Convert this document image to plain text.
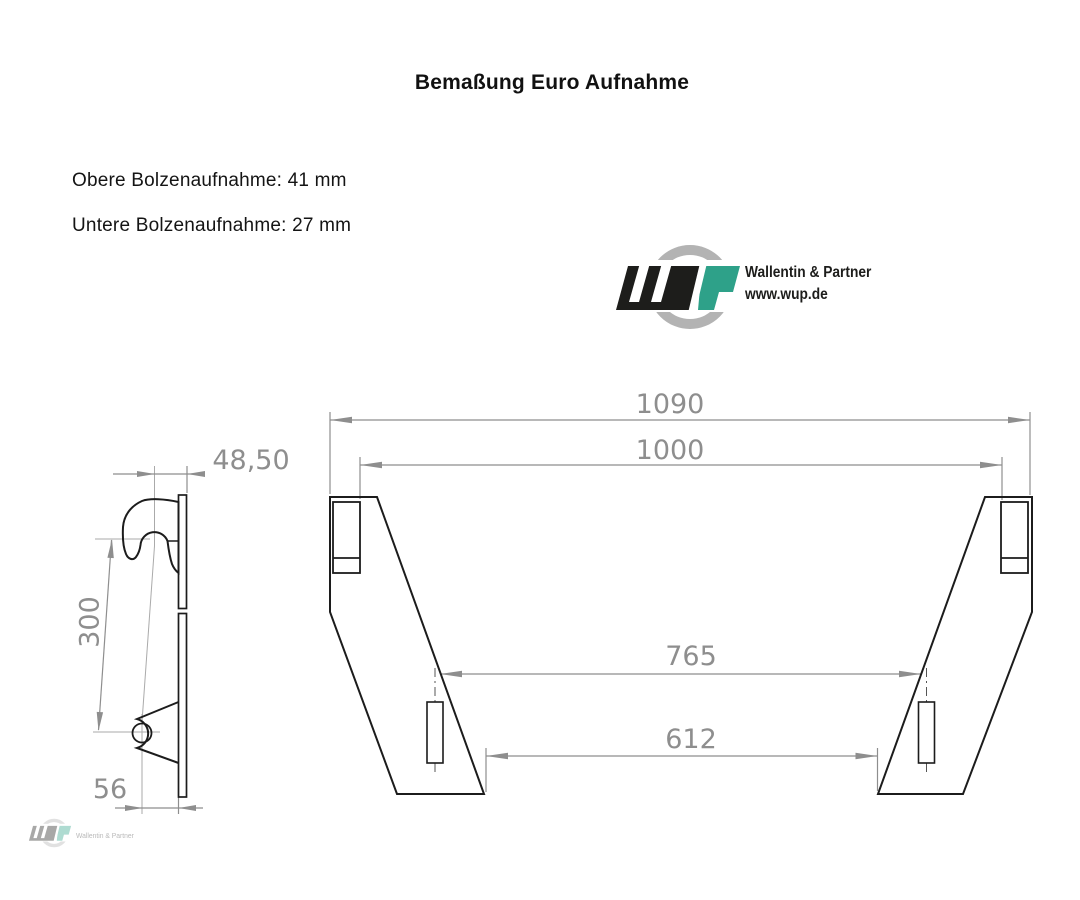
Bemaßung Euro Aufnahme
Obere Bolzenaufnahme: 41 mm
Untere Bolzenaufnahme: 27 mm
Wallentin & Partner
www.wup.de
1090
1000
765
612
48,50
300
56
Wallentin & Partner
